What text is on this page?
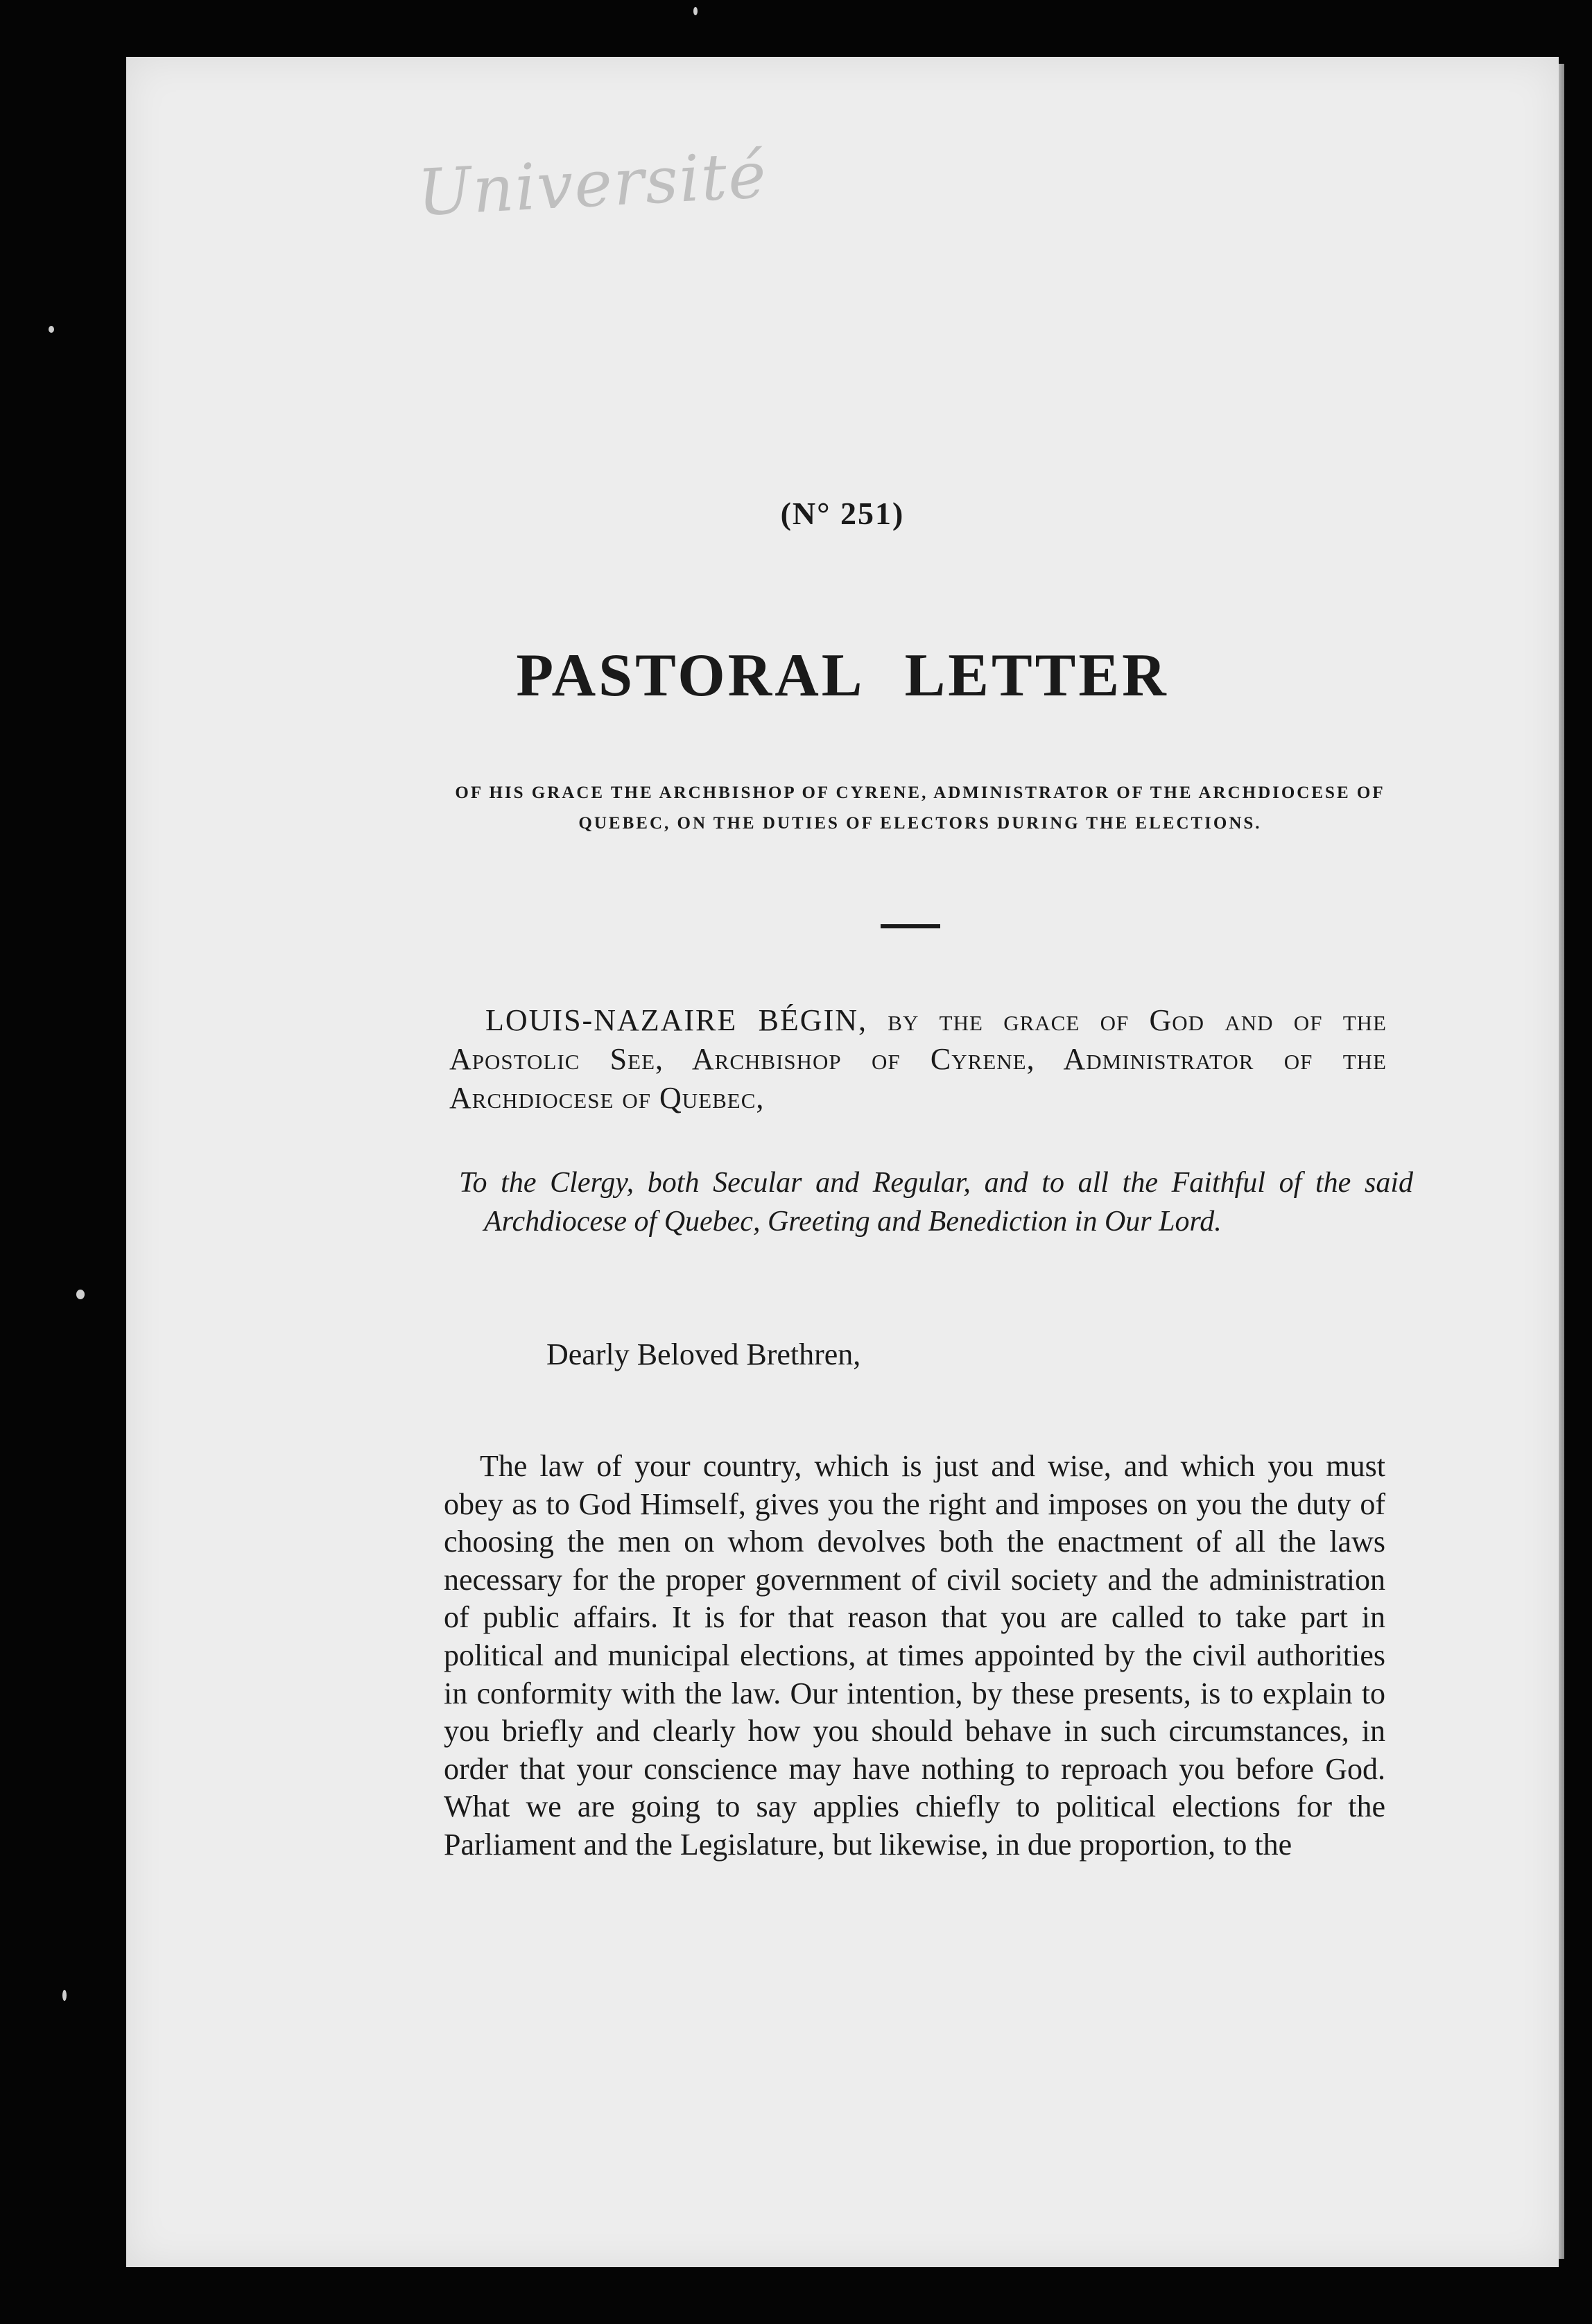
Université
(N° 251)
PASTORAL LETTER
OF HIS GRACE THE ARCHBISHOP OF CYRENE, ADMINISTRATOR OF THE ARCHDIOCESE OF QUEBEC, ON THE DUTIES OF ELECTORS DURING THE ELECTIONS.
LOUIS-NAZAIRE BÉGIN, by the grace of God and of the Apostolic See, Archbishop of Cyrene, Administrator of the Archdiocese of Quebec,
To the Clergy, both Secular and Regular, and to all the Faithful of the said Archdiocese of Quebec, Greeting and Benediction in Our Lord.
Dearly Beloved Brethren,
The law of your country, which is just and wise, and which you must obey as to God Himself, gives you the right and imposes on you the duty of choosing the men on whom devolves both the enactment of all the laws necessary for the proper government of civil society and the administration of public affairs. It is for that reason that you are called to take part in political and municipal elections, at times appointed by the civil authorities in conformity with the law. Our intention, by these presents, is to explain to you briefly and clearly how you should behave in such circumstances, in order that your conscience may have nothing to reproach you before God. What we are going to say applies chiefly to political elections for the Parliament and the Legislature, but likewise, in due proportion, to the
